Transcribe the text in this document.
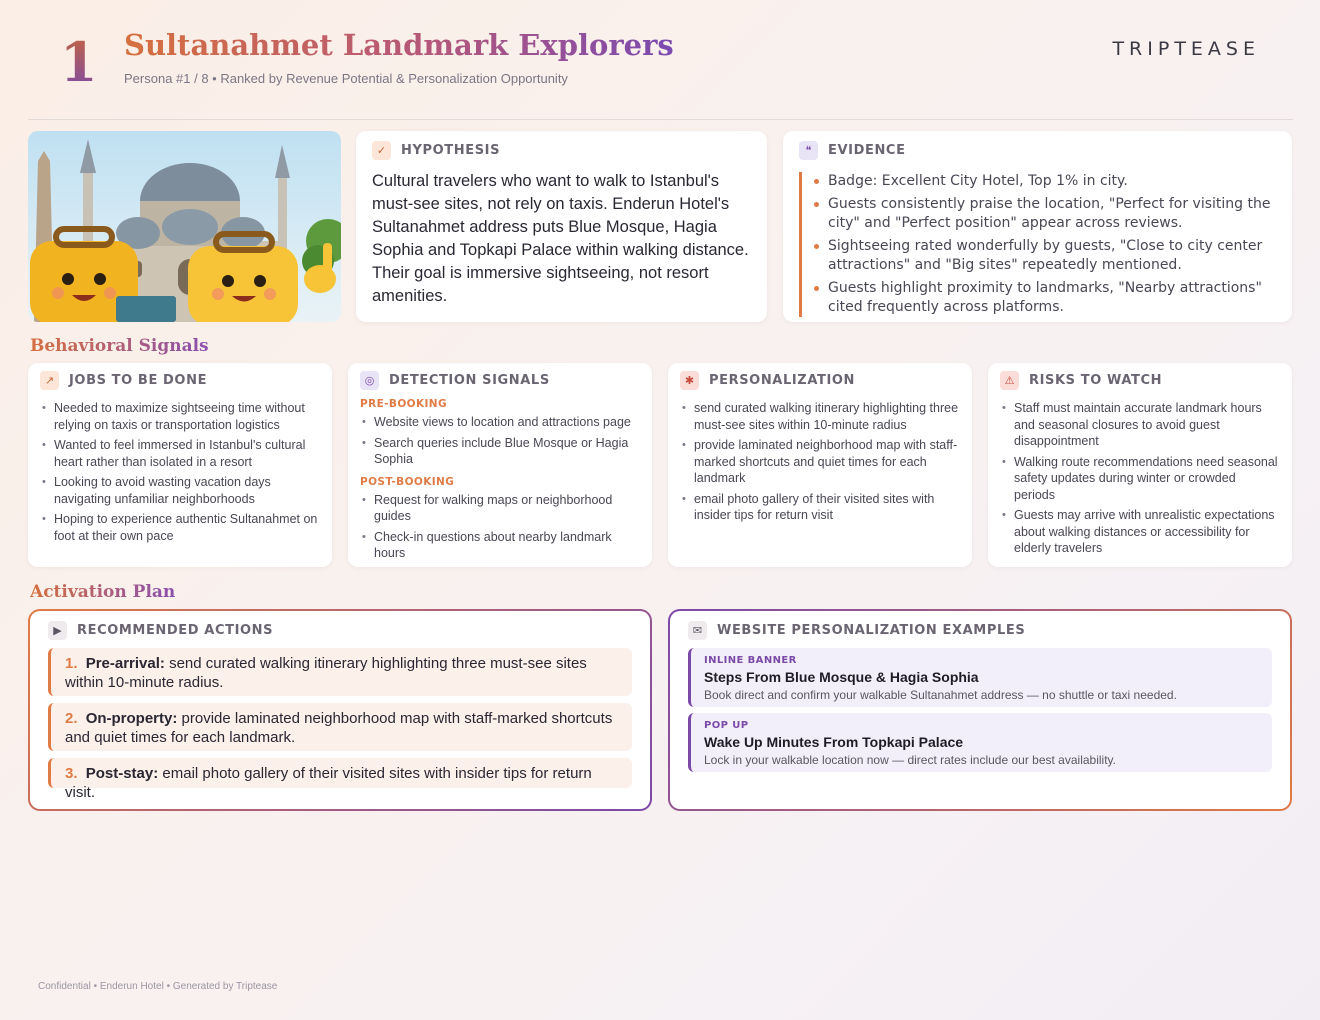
1 Sultanahmet Landmark Explorers
Persona #1 / 8 • Ranked by Revenue Potential & Personalization Opportunity
TRIPTEASE
✓	HYPOTHESIS
Cultural travelers who want to walk to Istanbul's must-see sites, not rely on taxis. Enderun Hotel's Sultanahmet address puts Blue Mosque, Hagia Sophia and Topkapi Palace within walking distance. Their goal is immersive sightseeing, not resort amenities.
❝	EVIDENCE
Badge: Excellent City Hotel, Top 1% in city.
Guests consistently praise the location, "Perfect for visiting the city" and "Perfect position" appear across reviews.
Sightseeing rated wonderfully by guests, "Close to city center attractions" and "Big sites" repeatedly mentioned.
Guests highlight proximity to landmarks, "Nearby attractions" cited frequently across platforms.
Behavioral Signals
↗	JOBS TO BE DONE
• Needed to maximize sightseeing time without relying on taxis or transportation logistics
• Wanted to feel immersed in Istanbul's cultural heart rather than isolated in a resort
• Looking to avoid wasting vacation days navigating unfamiliar neighborhoods
• Hoping to experience authentic Sultanahmet on foot at their own pace
◎	DETECTION SIGNALS
PRE-BOOKING
• Website views to location and attractions page
• Search queries include Blue Mosque or Hagia Sophia
POST-BOOKING
• Request for walking maps or neighborhood guides
• Check-in questions about nearby landmark hours
✱	PERSONALIZATION
• send curated walking itinerary highlighting three must-see sites within 10-minute radius
• provide laminated neighborhood map with staff-marked shortcuts and quiet times for each landmark
• email photo gallery of their visited sites with insider tips for return visit
⚠	RISKS TO WATCH
• Staff must maintain accurate landmark hours and seasonal closures to avoid guest disappointment
• Walking route recommendations need seasonal safety updates during winter or crowded periods
• Guests may arrive with unrealistic expectations about walking distances or accessibility for elderly travelers
Activation Plan
▶	RECOMMENDED ACTIONS
1. Pre-arrival: send curated walking itinerary highlighting three must-see sites within 10-minute radius.
2. On-property: provide laminated neighborhood map with staff-marked shortcuts and quiet times for each landmark.
3. Post-stay: email photo gallery of their visited sites with insider tips for return visit.
✉	WEBSITE PERSONALIZATION EXAMPLES
INLINE BANNER
Steps From Blue Mosque & Hagia Sophia
Book direct and confirm your walkable Sultanahmet address — no shuttle or taxi needed.
POP UP
Wake Up Minutes From Topkapi Palace
Lock in your walkable location now — direct rates include our best availability.
Confidential • Enderun Hotel • Generated by Triptease
